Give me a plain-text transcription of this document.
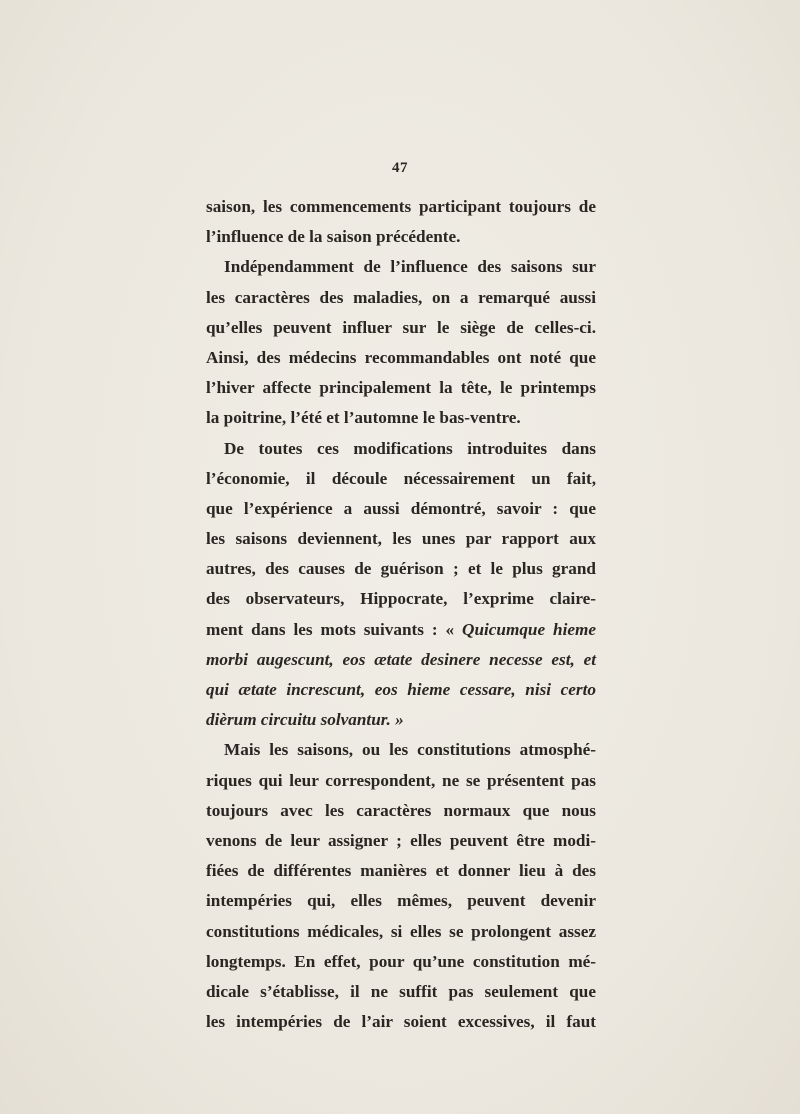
47
saison, les commencements participant toujours de
l’influence de la saison précédente.
Indépendamment de l’influence des saisons sur
les caractères des maladies, on a remarqué aussi
qu’elles peuvent influer sur le siège de celles-ci.
Ainsi, des médecins recommandables ont noté que
l’hiver affecte principalement la tête, le printemps
la poitrine, l’été et l’automne le bas-ventre.
De toutes ces modifications introduites dans
l’économie, il découle nécessairement un fait,
que l’expérience a aussi démontré, savoir : que
les saisons deviennent, les unes par rapport aux
autres, des causes de guérison ; et le plus grand
des observateurs, Hippocrate, l’exprime claire-
ment dans les mots suivants : « Quicumque hieme
morbi augescunt, eos ætate desinere necesse est, et
qui ætate increscunt, eos hieme cessare, nisi certo
dièrum circuitu solvantur. »
Mais les saisons, ou les constitutions atmosphé-
riques qui leur correspondent, ne se présentent pas
toujours avec les caractères normaux que nous
venons de leur assigner ; elles peuvent être modi-
fiées de différentes manières et donner lieu à des
intempéries qui, elles mêmes, peuvent devenir
constitutions médicales, si elles se prolongent assez
longtemps. En effet, pour qu’une constitution mé-
dicale s’établisse, il ne suffit pas seulement que
les intempéries de l’air soient excessives, il faut
